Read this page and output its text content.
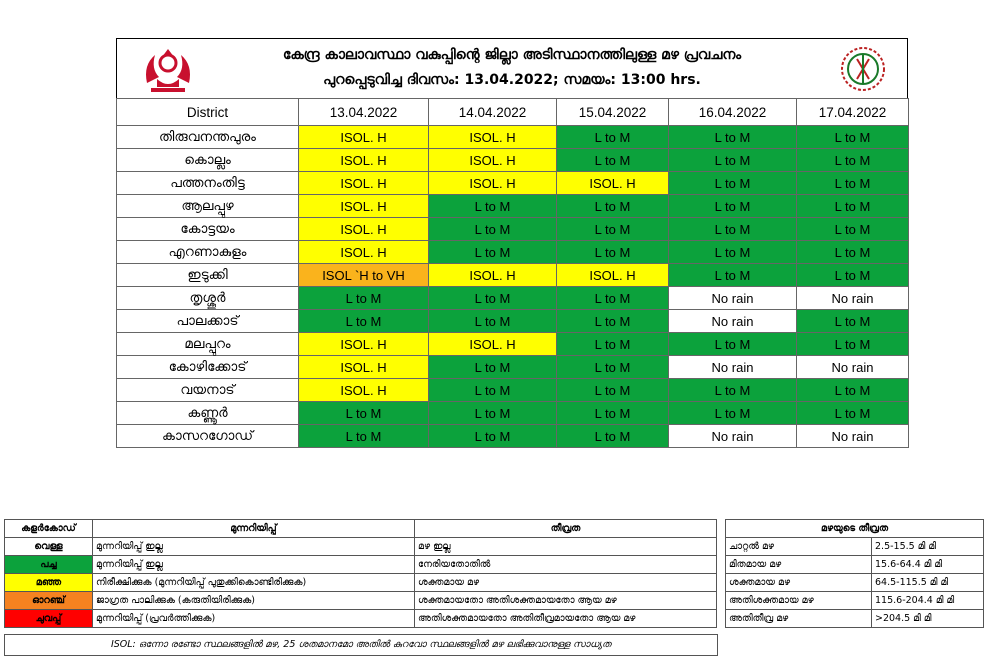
കേന്ദ്ര കാലാവസ്ഥാ വകുപ്പിന്റെ ജില്ലാ അടിസ്ഥാനത്തിലുള്ള മഴ പ്രവചനം
പുറപ്പെടുവിച്ച ദിവസം: 13.04.2022; സമയം: 13:00 hrs.
District	13.04.2022	14.04.2022	15.04.2022	16.04.2022	17.04.2022
തിരുവനന്തപുരം	ISOL. H	ISOL. H	L to M	L to M	L to M
കൊല്ലം	ISOL. H	ISOL. H	L to M	L to M	L to M
പത്തനംതിട്ട	ISOL. H	ISOL. H	ISOL. H	L to M	L to M
ആലപ്പുഴ	ISOL. H	L to M	L to M	L to M	L to M
കോട്ടയം	ISOL. H	L to M	L to M	L to M	L to M
എറണാകുളം	ISOL. H	L to M	L to M	L to M	L to M
ഇടുക്കി	ISOL `H to VH	ISOL. H	ISOL. H	L to M	L to M
തൃശ്ശൂർ	L to M	L to M	L to M	No rain	No rain
പാലക്കാട്	L to M	L to M	L to M	No rain	L to M
മലപ്പുറം	ISOL. H	ISOL. H	L to M	L to M	L to M
കോഴിക്കോട്	ISOL. H	L to M	L to M	No rain	No rain
വയനാട്	ISOL. H	L to M	L to M	L to M	L to M
കണ്ണൂർ	L to M	L to M	L to M	L to M	L to M
കാസറഗോഡ്	L to M	L to M	L to M	No rain	No rain
കളർകോഡ്	മുന്നറിയിപ്പ്	തീവ്രത
വെള്ള	മുന്നറിയിപ്പ് ഇല്ല	മഴ ഇല്ല
പച്ച	മുന്നറിയിപ്പ് ഇല്ല	നേരിയതോതിൽ
മഞ്ഞ	നിരീക്ഷിക്കുക (മുന്നറിയിപ്പ് പുതുക്കികൊണ്ടിരിക്കുക)	ശക്തമായ മഴ
ഓറഞ്ച്	ജാഗ്രത പാലിക്കുക (കരുതിയിരിക്കുക)	ശക്തമായതോ അതിശക്തമായതോ ആയ മഴ
ചുവപ്പ്	മുന്നറിയിപ്പ് (പ്രവർത്തിക്കുക)	അതിശക്തമായതോ അതിതീവ്രമായതോ ആയ മഴ
മഴയുടെ തീവ്രത	
ചാറ്റൽ മഴ	2.5-15.5 മി മി
മിതമായ മഴ	15.6-64.4 മി മി
ശക്തമായ മഴ	64.5-115.5 മി മി
അതിശക്തമായ മഴ	115.6-204.4 മി മി
അതിതീവ്ര മഴ	>204.5 മി മി
ISOL: ഒന്നോ രണ്ടോ സ്ഥലങ്ങളിൽ മഴ, 25 ശതമാനമോ അതിൽ കുറവോ സ്ഥലങ്ങളിൽ മഴ ലഭിക്കുവാനുള്ള സാധ്യത
